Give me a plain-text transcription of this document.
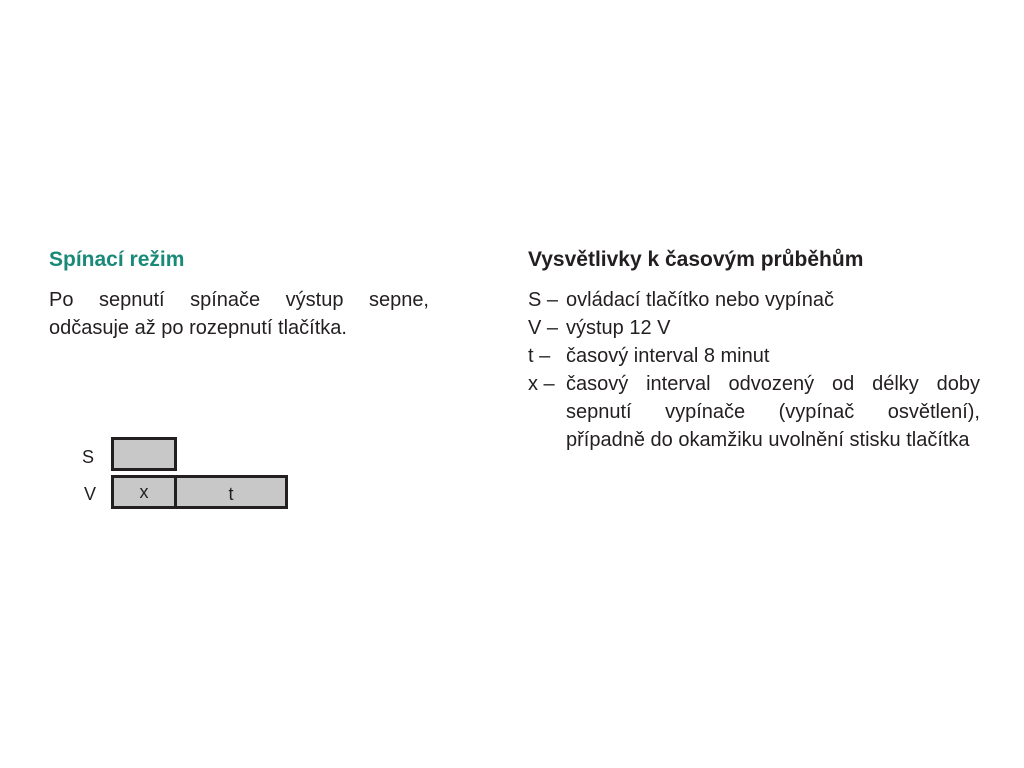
Spínací režim

Po sepnutí spínače výstup sepne, odčasuje až po rozepnutí tlačítka.

S
V	x	t
Vysvětlivky k časovým průběhům
S – ovládací tlačítko nebo vypínač
V – výstup 12 V
t – časový interval 8 minut
x – časový interval odvozený od délky doby sepnutí vypínače (vypínač osvětlení), případně do okamžiku uvolnění stisku tlačítka
